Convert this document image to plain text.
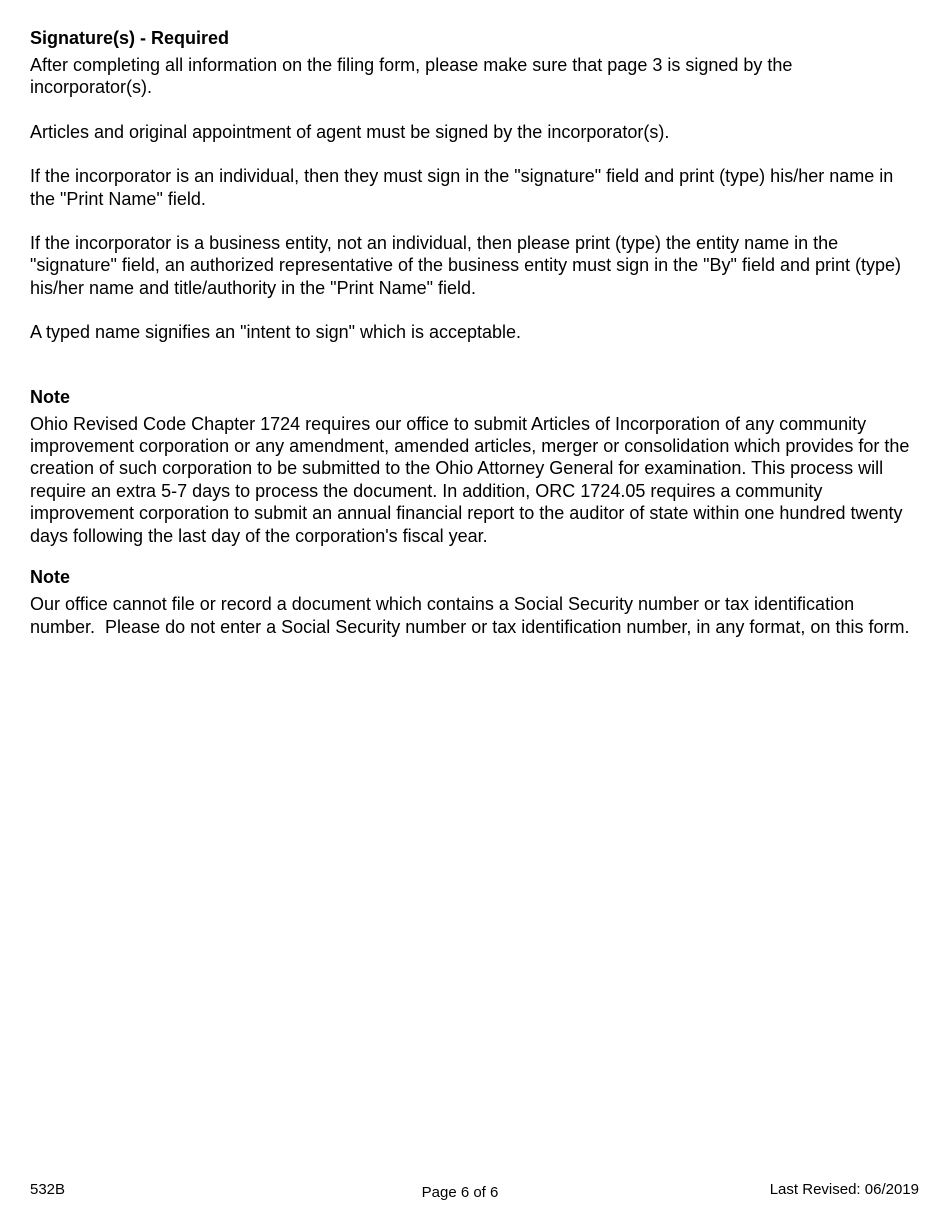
Signature(s) - Required

After completing all information on the filing form, please make sure that page 3 is signed by the incorporator(s).

Articles and original appointment of agent must be signed by the incorporator(s).

If the incorporator is an individual, then they must sign in the "signature" field and print (type) his/her name in the "Print Name" field.

If the incorporator is a business entity, not an individual, then please print (type) the entity name in the "signature" field, an authorized representative of the business entity must sign in the "By" field and print (type) his/her name and title/authority in the "Print Name" field.

A typed name signifies an "intent to sign" which is acceptable.

Note

Ohio Revised Code Chapter 1724 requires our office to submit Articles of Incorporation of any community improvement corporation or any amendment, amended articles, merger or consolidation which provides for the creation of such corporation to be submitted to the Ohio Attorney General for examination. This process will require an extra 5-7 days to process the document. In addition, ORC 1724.05 requires a community improvement corporation to submit an annual financial report to the auditor of state within one hundred twenty days following the last day of the corporation's fiscal year.

Note

Our office cannot file or record a document which contains a Social Security number or tax identification number.  Please do not enter a Social Security number or tax identification number, in any format, on this form.

532B	Page 6 of 6	Last Revised: 06/2019
